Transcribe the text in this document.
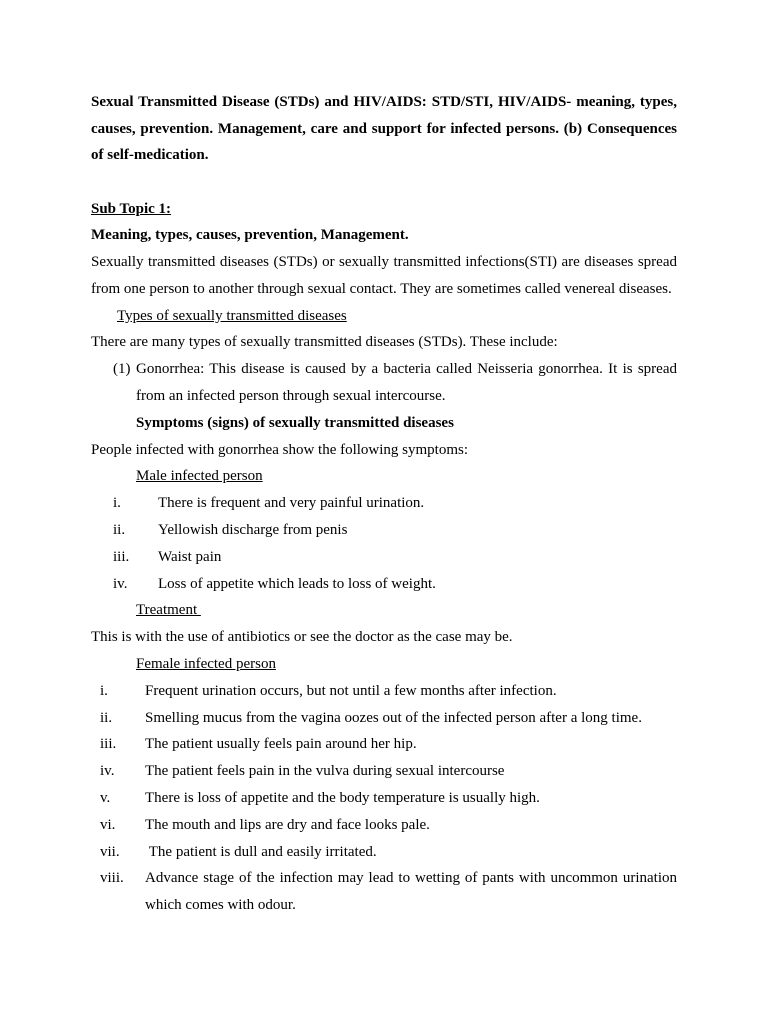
Sexual Transmitted Disease (STDs) and HIV/AIDS: STD/STI, HIV/AIDS- meaning, types, causes, prevention. Management, care and support for infected persons. (b) Consequences of self-medication.
Sub Topic 1:
Meaning, types, causes, prevention, Management.
Sexually transmitted diseases (STDs) or sexually transmitted infections(STI) are diseases spread from one person to another through sexual contact. They are sometimes called venereal diseases.
Types of sexually transmitted diseases
There are many types of sexually transmitted diseases (STDs). These include:
(1) Gonorrhea: This disease is caused by a bacteria called Neisseria gonorrhea. It is spread from an infected person through sexual intercourse.
Symptoms (signs) of sexually transmitted diseases
People infected with gonorrhea show the following symptoms:
Male infected person
i. There is frequent and very painful urination.
ii. Yellowish discharge from penis
iii. Waist pain
iv. Loss of appetite which leads to loss of weight.
Treatment
This is with the use of antibiotics or see the doctor as the case may be.
Female infected person
i. Frequent urination occurs, but not until a few months after infection.
ii. Smelling mucus from the vagina oozes out of the infected person after a long time.
iii. The patient usually feels pain around her hip.
iv. The patient feels pain in the vulva during sexual intercourse
v. There is loss of appetite and the body temperature is usually high.
vi. The mouth and lips are dry and face looks pale.
vii. The patient is dull and easily irritated.
viii. Advance stage of the infection may lead to wetting of pants with uncommon urination which comes with odour.
